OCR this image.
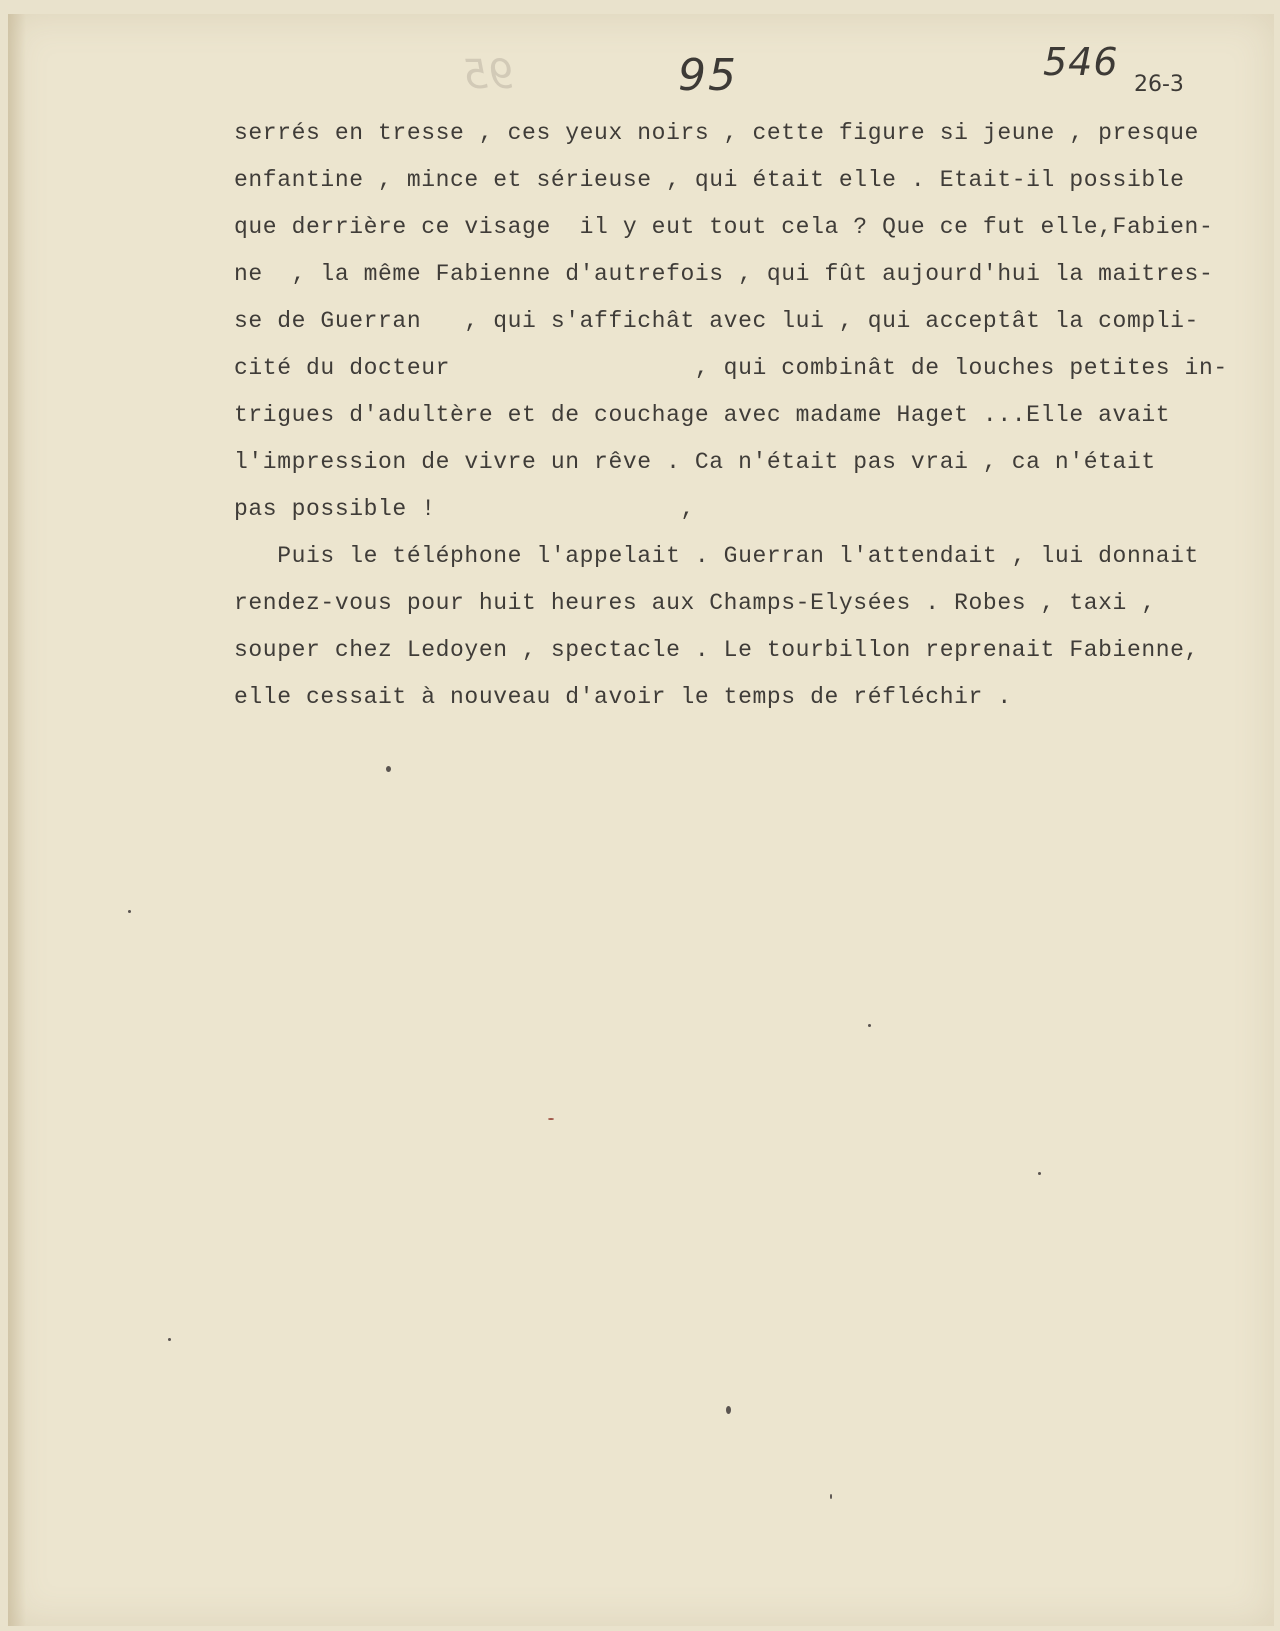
95	95	546
26-3
serrés en tresse , ces yeux noirs , cette figure si jeune , presque
enfantine , mince et sérieuse , qui était elle . Etait-il possible
que derrière ce visage  il y eut tout cela ? Que ce fut elle,Fabien-
ne  , la même Fabienne d'autrefois , qui fût aujourd'hui la maitres-
se de Guerran   , qui s'affichât avec lui , qui acceptât la compli-
cité du docteur                 , qui combinât de louches petites in-
trigues d'adultère et de couchage avec madame Haget ...Elle avait
l'impression de vivre un rêve . Ca n'était pas vrai , ca n'était
pas possible !                 ,
Puis le téléphone l'appelait . Guerran l'attendait , lui donnait
rendez-vous pour huit heures aux Champs-Elysées . Robes , taxi ,
souper chez Ledoyen , spectacle . Le tourbillon reprenait Fabienne,
elle cessait à nouveau d'avoir le temps de réfléchir .
